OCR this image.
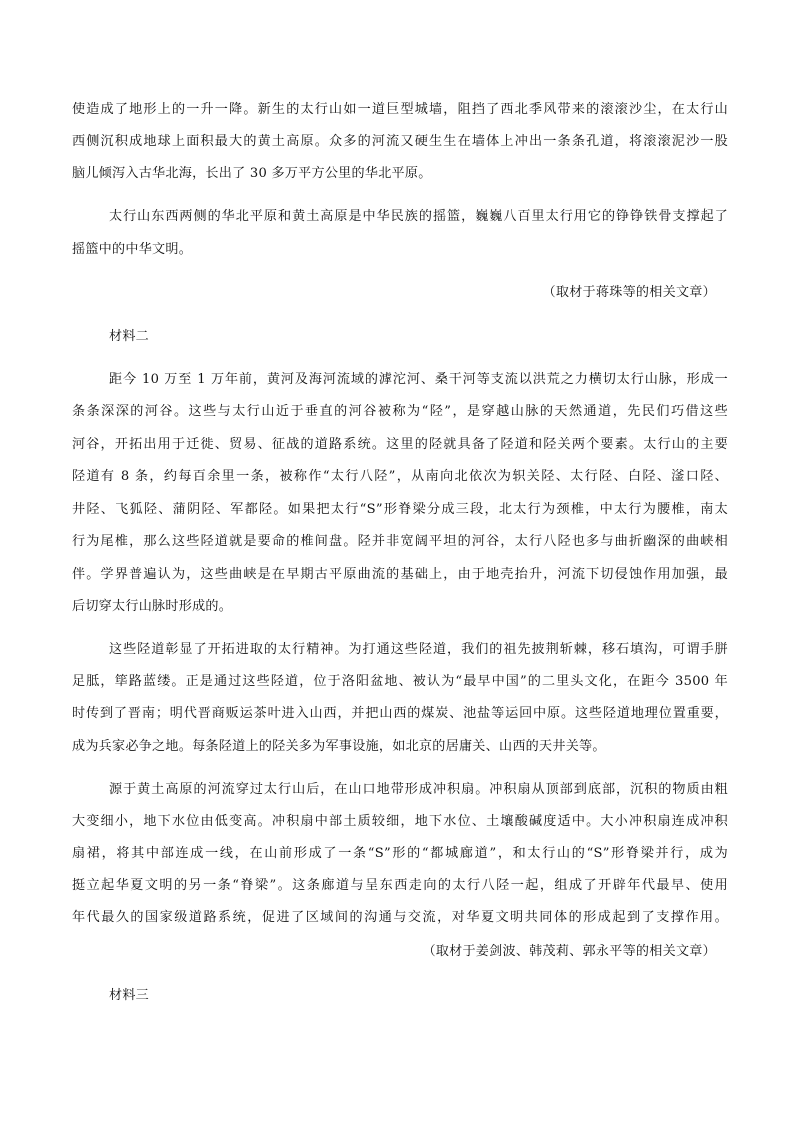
使造成了地形上的一升一降。新生的太行山如一道巨型城墙，阻挡了西北季风带来的滚滚沙尘，在太行山
西侧沉积成地球上面积最大的黄土高原。众多的河流又硬生生在墙体上冲出一条条孔道，将滚滚泥沙一股
脑儿倾泻入古华北海，长出了 30 多万平方公里的华北平原。
太行山东西两侧的华北平原和黄土高原是中华民族的摇篮，巍巍八百里太行用它的铮铮铁骨支撑起了
摇篮中的中华文明。
（取材于蒋珠等的相关文章）
材料二
距今 10 万至 1 万年前，黄河及海河流域的滹沱河、桑干河等支流以洪荒之力横切太行山脉，形成一
条条深深的河谷。这些与太行山近于垂直的河谷被称为“陉”，是穿越山脉的天然通道，先民们巧借这些
河谷，开拓出用于迁徙、贸易、征战的道路系统。这里的陉就具备了陉道和陉关两个要素。太行山的主要
陉道有 8 条，约每百余里一条，被称作“太行八陉”，从南向北依次为轵关陉、太行陉、白陉、滏口陉、
井陉、飞狐陉、蒲阴陉、军都陉。如果把太行“S”形脊梁分成三段，北太行为颈椎，中太行为腰椎，南太
行为尾椎，那么这些陉道就是要命的椎间盘。陉并非宽阔平坦的河谷，太行八陉也多与曲折幽深的曲峡相
伴。学界普遍认为，这些曲峡是在早期古平原曲流的基础上，由于地壳抬升，河流下切侵蚀作用加强，最
后切穿太行山脉时形成的。
这些陉道彰显了开拓进取的太行精神。为打通这些陉道，我们的祖先披荆斩棘，移石填沟，可谓手胼
足胝，筚路蓝缕。正是通过这些陉道，位于洛阳盆地、被认为“最早中国”的二里头文化，在距今 3500 年
时传到了晋南；明代晋商贩运茶叶进入山西，并把山西的煤炭、池盐等运回中原。这些陉道地理位置重要，
成为兵家必争之地。每条陉道上的陉关多为军事设施，如北京的居庸关、山西的天井关等。
源于黄土高原的河流穿过太行山后，在山口地带形成冲积扇。冲积扇从顶部到底部，沉积的物质由粗
大变细小，地下水位由低变高。冲积扇中部土质较细，地下水位、土壤酸碱度适中。大小冲积扇连成冲积
扇裙，将其中部连成一线，在山前形成了一条“S”形的“都城廊道”，和太行山的“S”形脊梁并行，成为
挺立起华夏文明的另一条“脊梁”。这条廊道与呈东西走向的太行八陉一起，组成了开辟年代最早、使用
年代最久的国家级道路系统，促进了区域间的沟通与交流，对华夏文明共同体的形成起到了支撑作用。
（取材于姜剑波、韩茂莉、郭永平等的相关文章）
材料三
